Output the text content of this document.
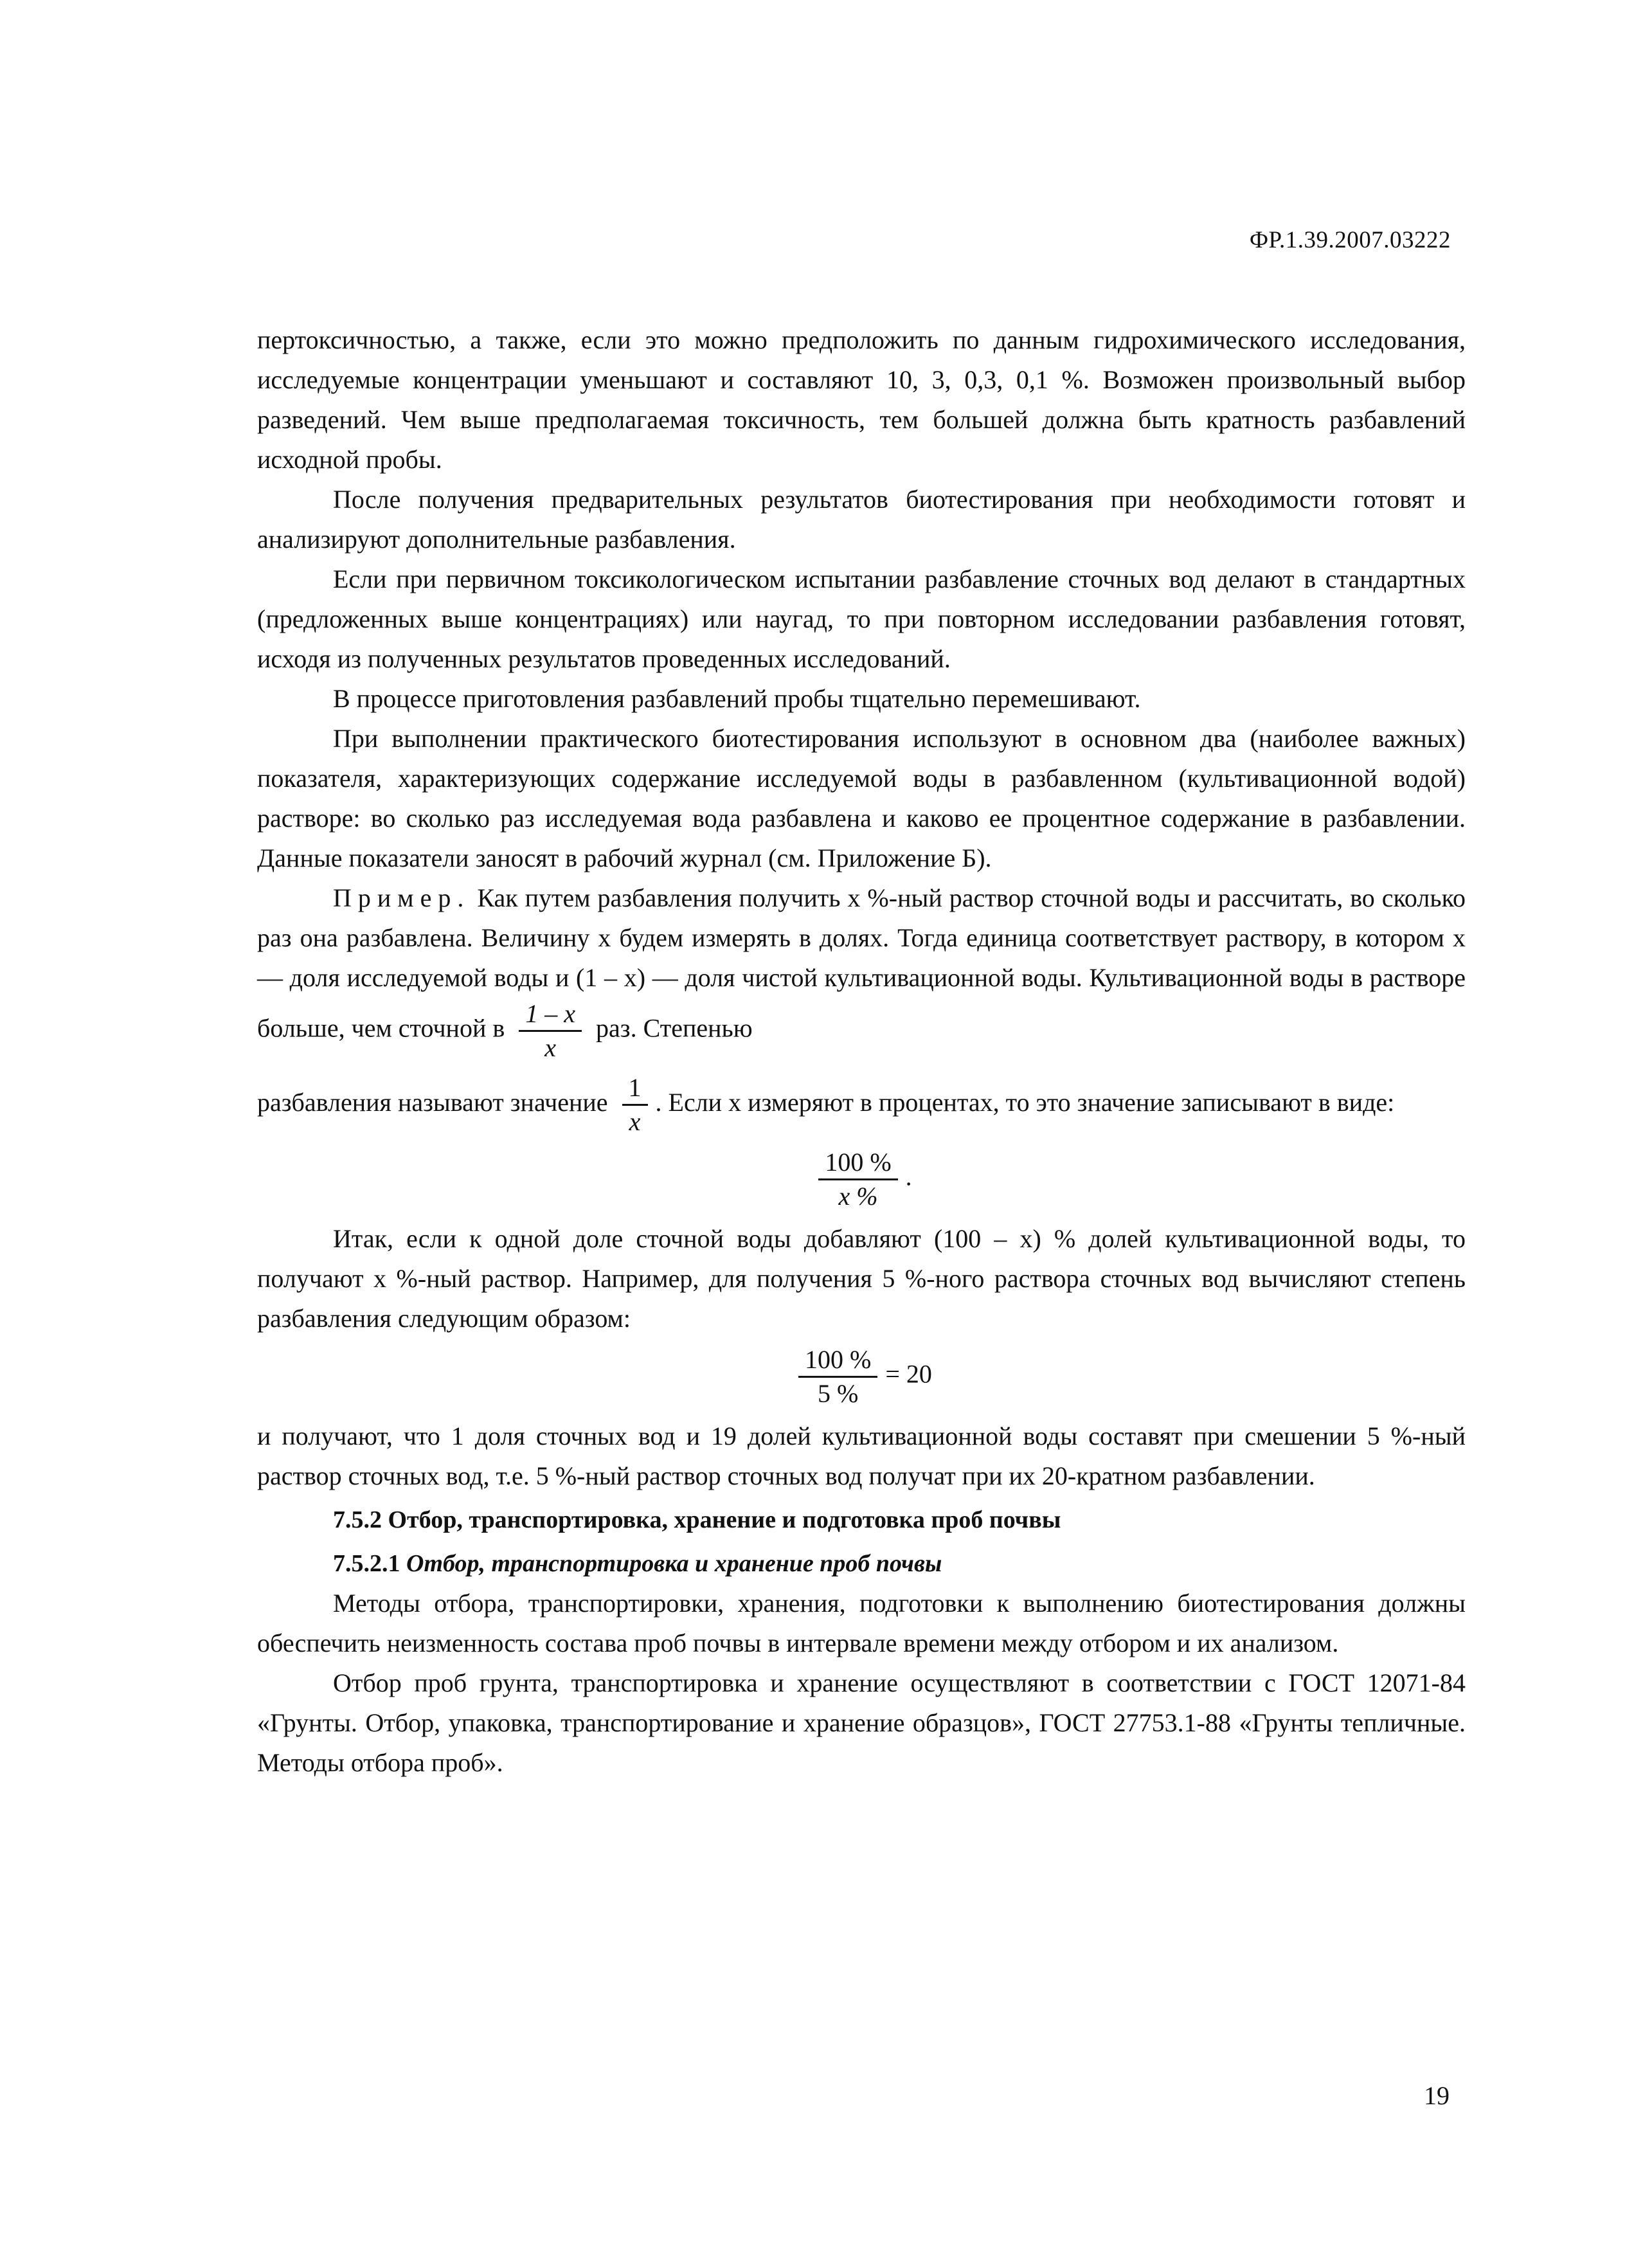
ФР.1.39.2007.03222

пертоксичностью, а также, если это можно предположить по данным гидрохимического исследования, исследуемые концентрации уменьшают и составляют 10, 3, 0,3, 0,1 %. Возможен произвольный выбор разведений. Чем выше предполагаемая токсичность, тем большей должна быть кратность разбавлений исходной пробы.

После получения предварительных результатов биотестирования при необходимости готовят и анализируют дополнительные разбавления.

Если при первичном токсикологическом испытании разбавление сточных вод делают в стандартных (предложенных выше концентрациях) или наугад, то при повторном исследовании разбавления готовят, исходя из полученных результатов проведенных исследований.

В процессе приготовления разбавлений пробы тщательно перемешивают.

При выполнении практического биотестирования используют в основном два (наиболее важных) показателя, характеризующих содержание исследуемой воды в разбавленном (культивационной водой) растворе: во сколько раз исследуемая вода разбавлена и каково ее процентное содержание в разбавлении. Данные показатели заносят в рабочий журнал (см. Приложение Б).

Пример. Как путем разбавления получить x %-ный раствор сточной воды и рассчитать, во сколько раз она разбавлена. Величину x будем измерять в долях. Тогда единица соответствует раствору, в котором x — доля исследуемой воды и (1 – x) — доля чистой культивационной воды. Культивационной воды в растворе больше, чем сточной в $\frac{1 - x}{x}$ раз. Степенью

разбавления называют значение $\frac{1}{x}$ . Если x измеряют в процентах, то это значение записывают в виде:

$\frac{100 \%}{x \%}$ .

Итак, если к одной доле сточной воды добавляют (100 – x) % долей культивационной воды, то получают x %-ный раствор. Например, для получения 5 %-ного раствора сточных вод вычисляют степень разбавления следующим образом:

$\frac{100 \%}{5 \%} = 20$

и получают, что 1 доля сточных вод и 19 долей культивационной воды составят при смешении 5 %-ный раствор сточных вод, т.е. 5 %-ный раствор сточных вод получат при их 20-кратном разбавлении.

7.5.2 Отбор, транспортировка, хранение и подготовка проб почвы

7.5.2.1 Отбор, транспортировка и хранение проб почвы

Методы отбора, транспортировки, хранения, подготовки к выполнению биотестирования должны обеспечить неизменность состава проб почвы в интервале времени между отбором и их анализом.

Отбор проб грунта, транспортировка и хранение осуществляют в соответствии с ГОСТ 12071-84 «Грунты. Отбор, упаковка, транспортирование и хранение образцов», ГОСТ 27753.1-88 «Грунты тепличные. Методы отбора проб».

19
